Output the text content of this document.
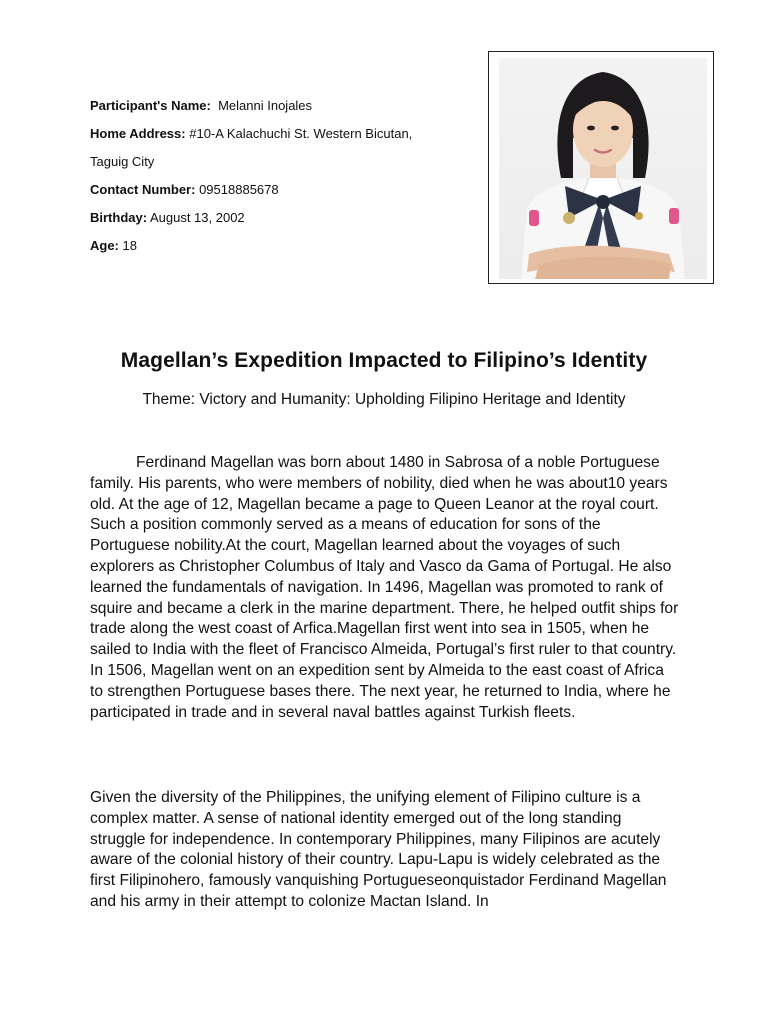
Participant's Name: Melanni Inojales
Home Address: #10-A Kalachuchi St. Western Bicutan,
Taguig City
Contact Number: 09518885678
Birthday: August 13, 2002
Age: 18
Magellan’s Expedition Impacted to Filipino’s Identity

Theme: Victory and Humanity: Upholding Filipino Heritage and Identity

Ferdinand Magellan was born about 1480 in Sabrosa of a noble Portuguese family. His parents, who were members of nobility, died when he was about10 years old. At the age of 12, Magellan became a page to Queen Leanor at the royal court. Such a position commonly served as a means of education for sons of the Portuguese nobility.At the court, Magellan learned about the voyages of such explorers as Christopher Columbus of Italy and Vasco da Gama of Portugal. He also learned the fundamentals of navigation. In 1496, Magellan was promoted to rank of squire and became a clerk in the marine department. There, he helped outfit ships for trade along the west coast of Arfica.Magellan first went into sea in 1505, when he sailed to India with the fleet of Francisco Almeida, Portugal’s first ruler to that country. In 1506, Magellan went on an expedition sent by Almeida to the east coast of Africa to strengthen Portuguese bases there. The next year, he returned to India, where he participated in trade and in several naval battles against Turkish fleets.

Given the diversity of the Philippines, the unifying element of Filipino culture is a complex matter. A sense of national identity emerged out of the long standing struggle for independence. In contemporary Philippines, many Filipinos are acutely aware of the colonial history of their country. Lapu-Lapu is widely celebrated as the first Filipinohero, famously vanquishing Portugueseonquistador Ferdinand Magellan and his army in their attempt to colonize Mactan Island. In
